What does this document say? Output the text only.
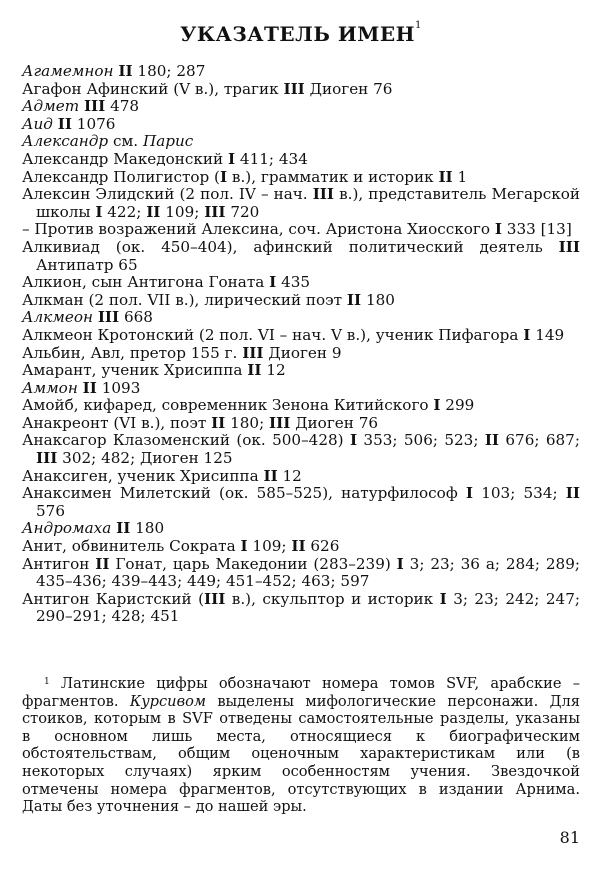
УКАЗАТЕЛЬ ИМЕН$^1$

Агамемнон II 180; 287

Агафон Афинский (V в.), трагик III Диоген 76

Адмет III 478

Аид II 1076

Александр см. Парис

Александр Македонский I 411; 434

Александр Полигистор (I в.), грамматик и историк II 1

Алексин Элидский (2 пол. IV – нач. III в.), представитель Мегарской школы I 422; II 109; III 720

– Против возражений Алексина, соч. Аристона Хиосского I 333 [13]

Алкивиад (ок. 450–404), афинский политический деятель III Антипатр 65

Алкион, сын Антигона Гоната I 435

Алкман (2 пол. VII в.), лирический поэт II 180

Алкмеон III 668

Алкмеон Кротонский (2 пол. VI – нач. V в.), ученик Пифагора I 149

Альбин, Авл, претор 155 г. III Диоген 9

Амарант, ученик Хрисиппа II 12

Аммон II 1093

Амойб, кифаред, современник Зенона Китийского I 299

Анакреонт (VI в.), поэт II 180; III Диоген 76

Анаксагор Клазоменский (ок. 500–428) I 353; 506; 523; II 676; 687; III 302; 482; Диоген 125

Анаксиген, ученик Хрисиппа II 12

Анаксимен Милетский (ок. 585–525), натурфилософ I 103; 534; II 576

Андромаха II 180

Анит, обвинитель Сократа I 109; II 626

Антигон II Гонат, царь Македонии (283–239) I 3; 23; 36 a; 284; 289; 435–436; 439–443; 449; 451–452; 463; 597

Антигон Каристский (III в.), скульптор и историк I 3; 23; 242; 247; 290–291; 428; 451

$^1$ Латинские цифры обозначают номера томов SVF, арабские – фрагментов. Курсивом выделены мифологические персонажи. Для стоиков, которым в SVF отведены самостоятельные разделы, указаны в основном лишь места, относящиеся к биографическим обстоятельствам, общим оценочным характеристикам или (в некоторых случаях) ярким особенностям учения. Звездочкой отмечены номера фрагментов, отсутствующих в издании Арнима. Даты без уточнения – до нашей эры.
81
